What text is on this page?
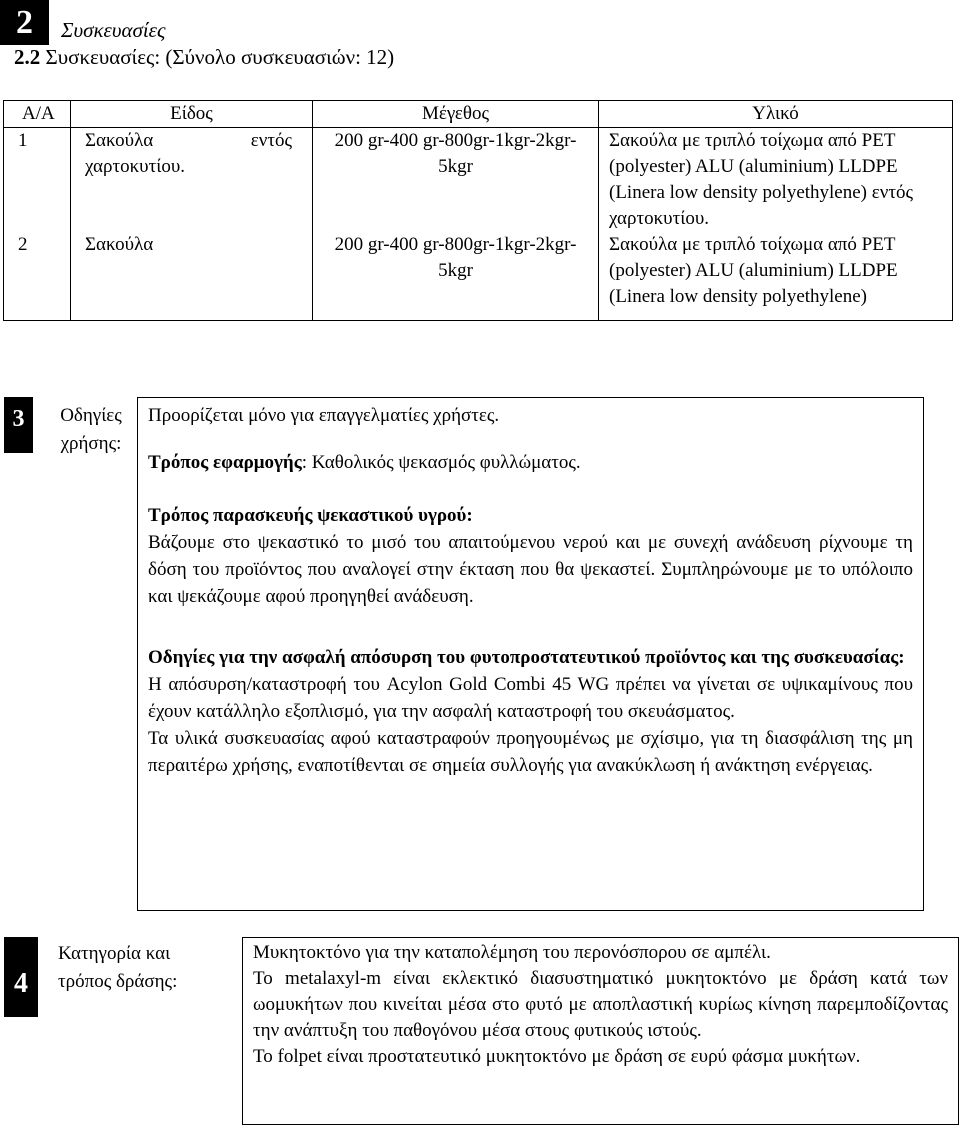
2	Συσκευασίες
2.2 Συσκευασίες: (Σύνολο συσκευασιών: 12)
Α/Α	Είδος	Μέγεθος	Υλικό
1	Σακούλα εντός χαρτοκυτίου.	200 gr-400 gr-800gr-1kgr-2kgr-5kgr	Σακούλα με τριπλό τοίχωμα από PET (polyester) ALU (aluminium) LLDPE (Linera low density polyethylene) εντός χαρτοκυτίου.
2	Σακούλα	200 gr-400 gr-800gr-1kgr-2kgr-5kgr	Σακούλα με τριπλό τοίχωμα από PET (polyester) ALU (aluminium) LLDPE (Linera low density polyethylene)
3	Οδηγίες χρήσης:

Προορίζεται μόνο για επαγγελματίες χρήστες.

Τρόπος εφαρμογής: Καθολικός ψεκασμός φυλλώματος.

Τρόπος παρασκευής ψεκαστικού υγρού:

Βάζουμε στο ψεκαστικό το μισό του απαιτούμενου νερού και με συνεχή ανάδευση ρίχνουμε τη δόση του προϊόντος που αναλογεί στην έκταση που θα ψεκαστεί. Συμπληρώνουμε με το υπόλοιπο και ψεκάζουμε αφού προηγηθεί ανάδευση.

Οδηγίες για την ασφαλή απόσυρση του φυτοπροστατευτικού προϊόντος και της συσκευασίας:

Η απόσυρση/καταστροφή του Acylon Gold Combi 45 WG πρέπει να γίνεται σε υψικαμίνους που έχουν κατάλληλο εξοπλισμό, για την ασφαλή καταστροφή του σκευάσματος.

Τα υλικά συσκευασίας αφού καταστραφούν προηγουμένως με σχίσιμο, για τη διασφάλιση της μη περαιτέρω χρήσης, εναποτίθενται σε σημεία συλλογής για ανακύκλωση ή ανάκτηση ενέργειας.

4
Κατηγορία και τρόπος δράσης:

Μυκητοκτόνο για την καταπολέμηση του περονόσπορου σε αμπέλι.

Το metalaxyl-m είναι εκλεκτικό διασυστηματικό μυκητοκτόνο με δράση κατά των ωομυκήτων που κινείται μέσα στο φυτό με αποπλαστική κυρίως κίνηση παρεμποδίζοντας την ανάπτυξη του παθογόνου μέσα στους φυτικούς ιστούς.

Το folpet είναι προστατευτικό μυκητοκτόνο με δράση σε ευρύ φάσμα μυκήτων.
